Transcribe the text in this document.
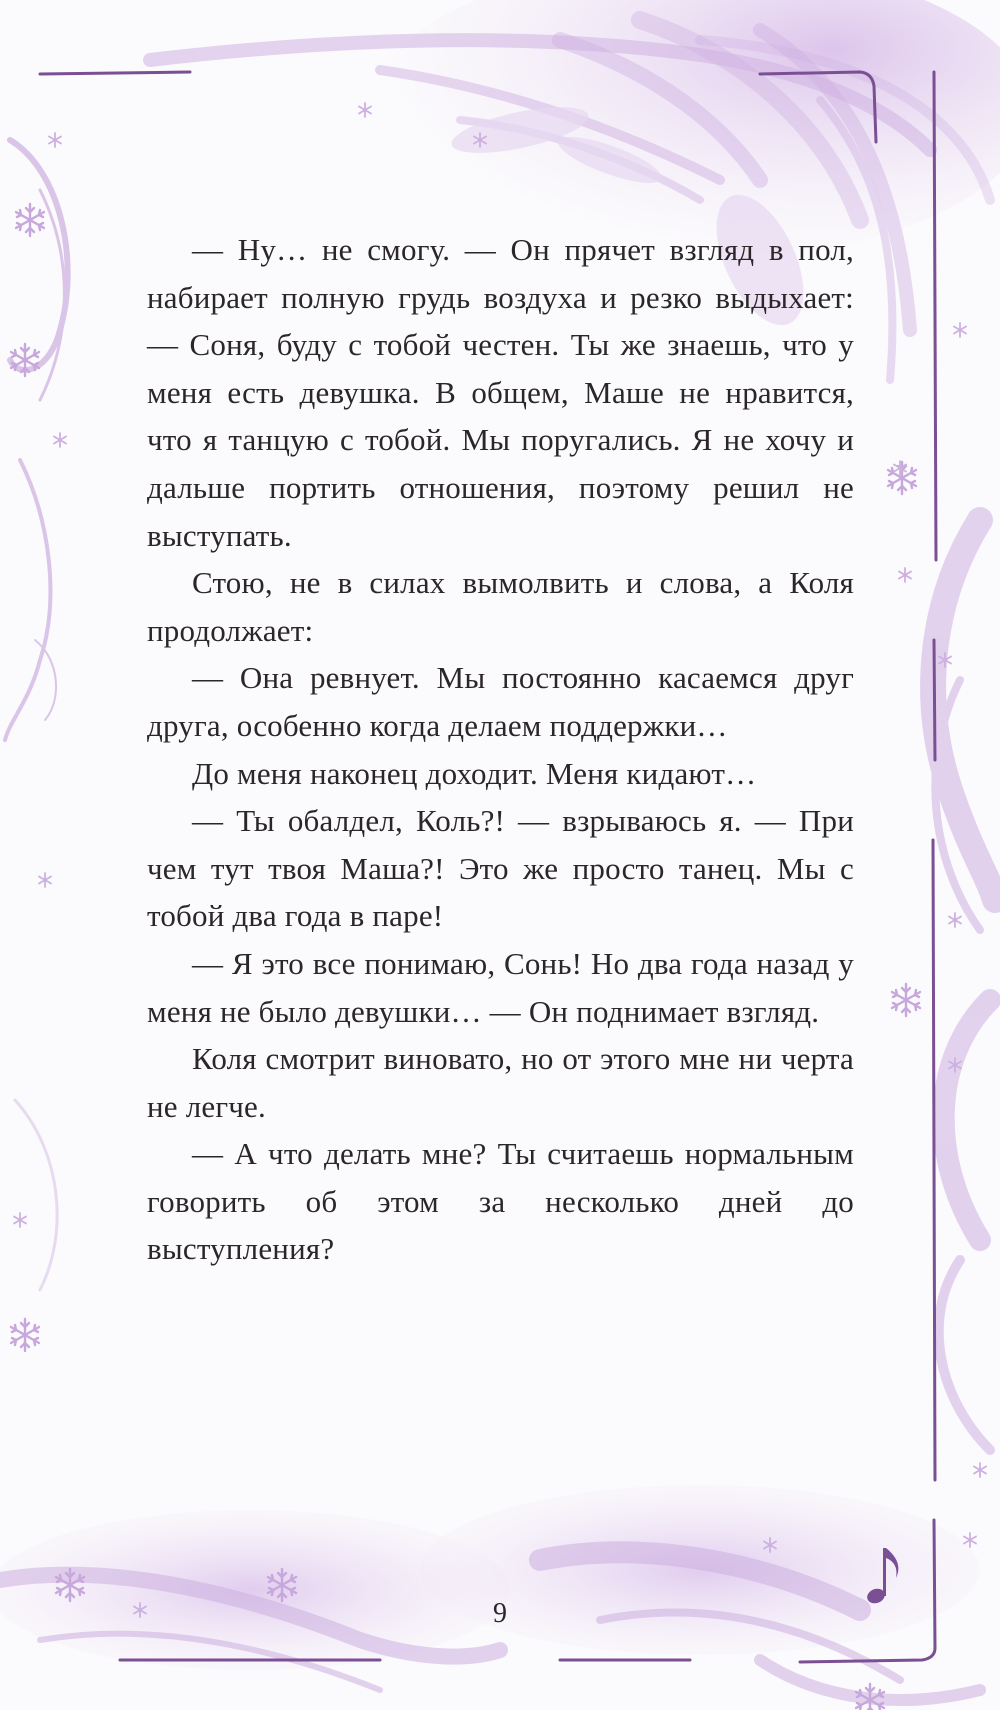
— Ну… не смогу. — Он прячет взгляд в пол, набирает полную грудь воздуха и резко выдыхает: — Соня, буду с тобой честен. Ты же знаешь, что у меня есть девушка. В общем, Маше не нравится, что я танцую с тобой. Мы поругались. Я не хочу и дальше портить отношения, поэтому решил не выступать.

Стою, не в силах вымолвить и слова, а Коля продолжает:

— Она ревнует. Мы постоянно касаемся друг друга, особенно когда делаем поддержки…

До меня наконец доходит. Меня кидают…

— Ты обалдел, Коль?! — взрываюсь я. — При чем тут твоя Маша?! Это же просто танец. Мы с тобой два года в паре!

— Я это все понимаю, Сонь! Но два года назад у меня не было девушки… — Он поднимает взгляд.

Коля смотрит виновато, но от этого мне ни черта не легче.

— А что делать мне? Ты считаешь нормальным говорить об этом за несколько дней до выступления?

9
